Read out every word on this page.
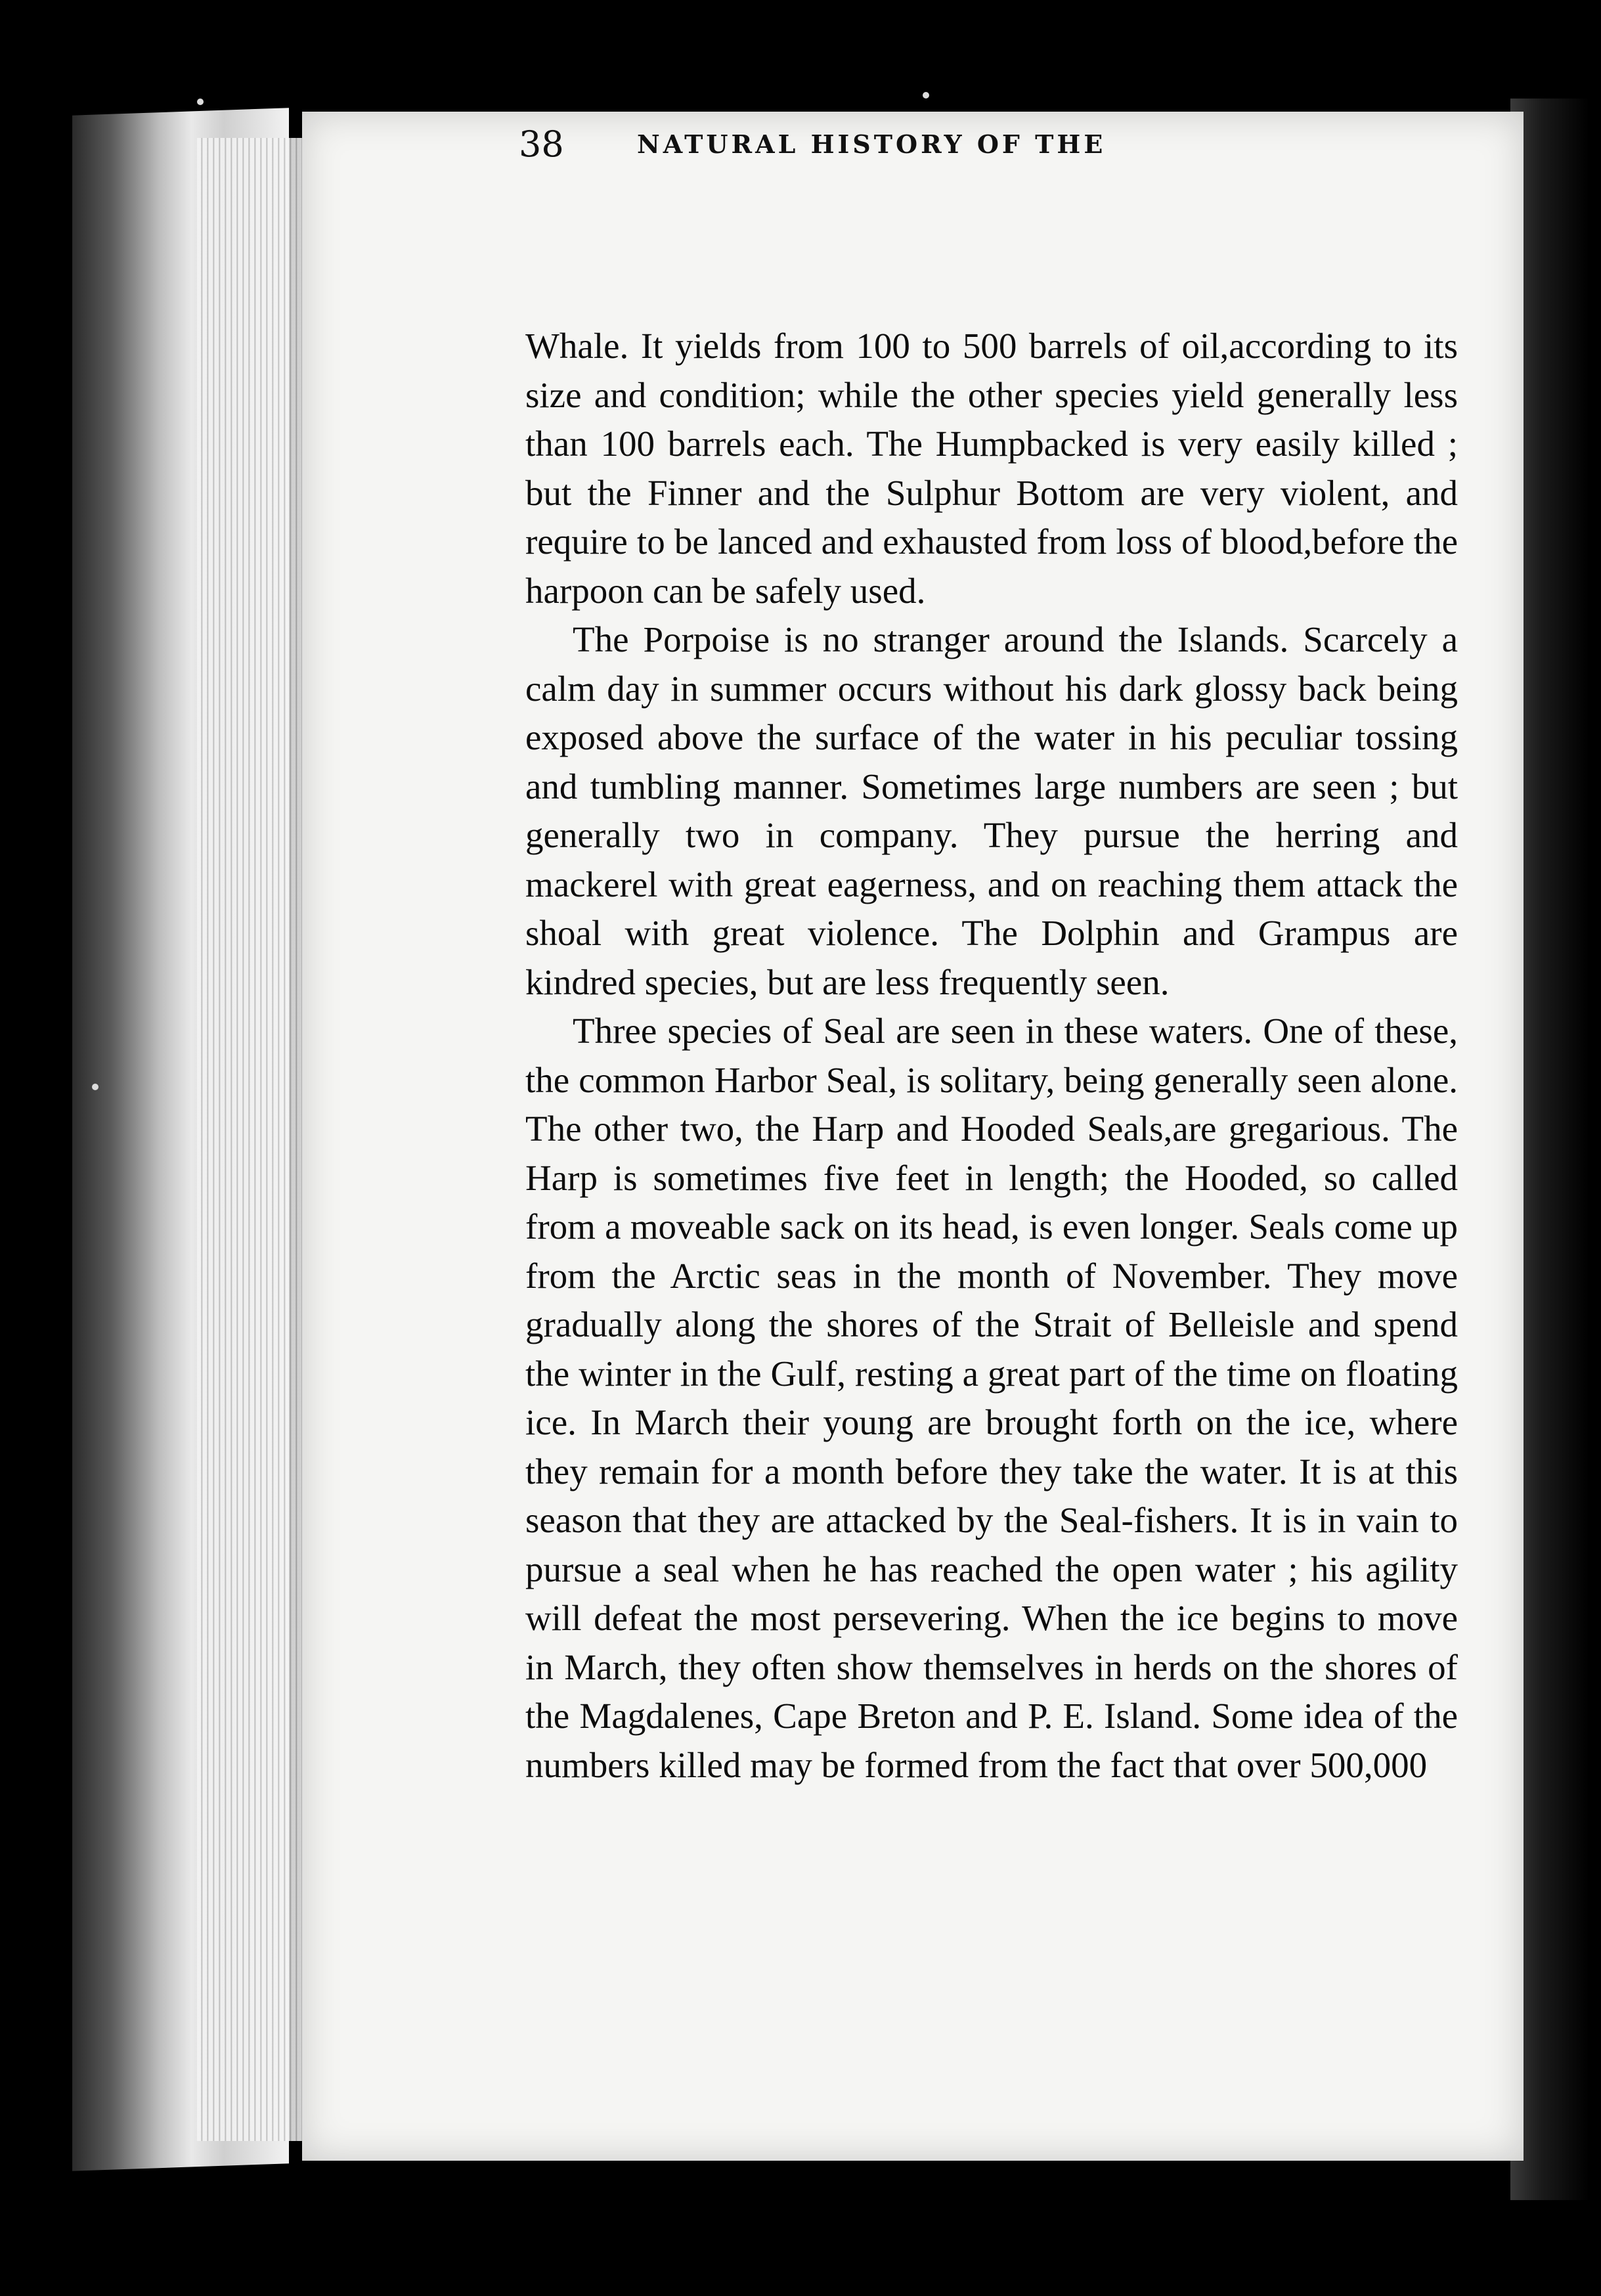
38	NATURAL HISTORY OF THE

Whale. It yields from 100 to 500 barrels of oil,according to its size and condition; while the other species yield generally less than 100 barrels each. The Humpbacked is very easily killed ; but the Finner and the Sulphur Bottom are very violent, and require to be lanced and exhausted from loss of blood,before the harpoon can be safely used.

The Porpoise is no stranger around the Islands. Scarcely a calm day in summer occurs without his dark glossy back being exposed above the surface of the water in his peculiar tossing and tumbling manner. Sometimes large numbers are seen ; but generally two in company. They pursue the herring and mackerel with great eagerness, and on reaching them attack the shoal with great violence. The Dolphin and Grampus are kindred species, but are less frequently seen.

Three species of Seal are seen in these waters. One of these, the common Harbor Seal, is solitary, being generally seen alone. The other two, the Harp and Hooded Seals,are gregarious. The Harp is sometimes five feet in length; the Hooded, so called from a moveable sack on its head, is even longer. Seals come up from the Arctic seas in the month of November. They move gradually along the shores of the Strait of Belleisle and spend the winter in the Gulf, resting a great part of the time on floating ice. In March their young are brought forth on the ice, where they remain for a month before they take the water. It is at this season that they are attacked by the Seal-fishers. It is in vain to pursue a seal when he has reached the open water ; his agility will defeat the most persevering. When the ice begins to move in March, they often show themselves in herds on the shores of the Magdalenes, Cape Breton and P. E. Island. Some idea of the numbers killed may be formed from the fact that over 500,000
